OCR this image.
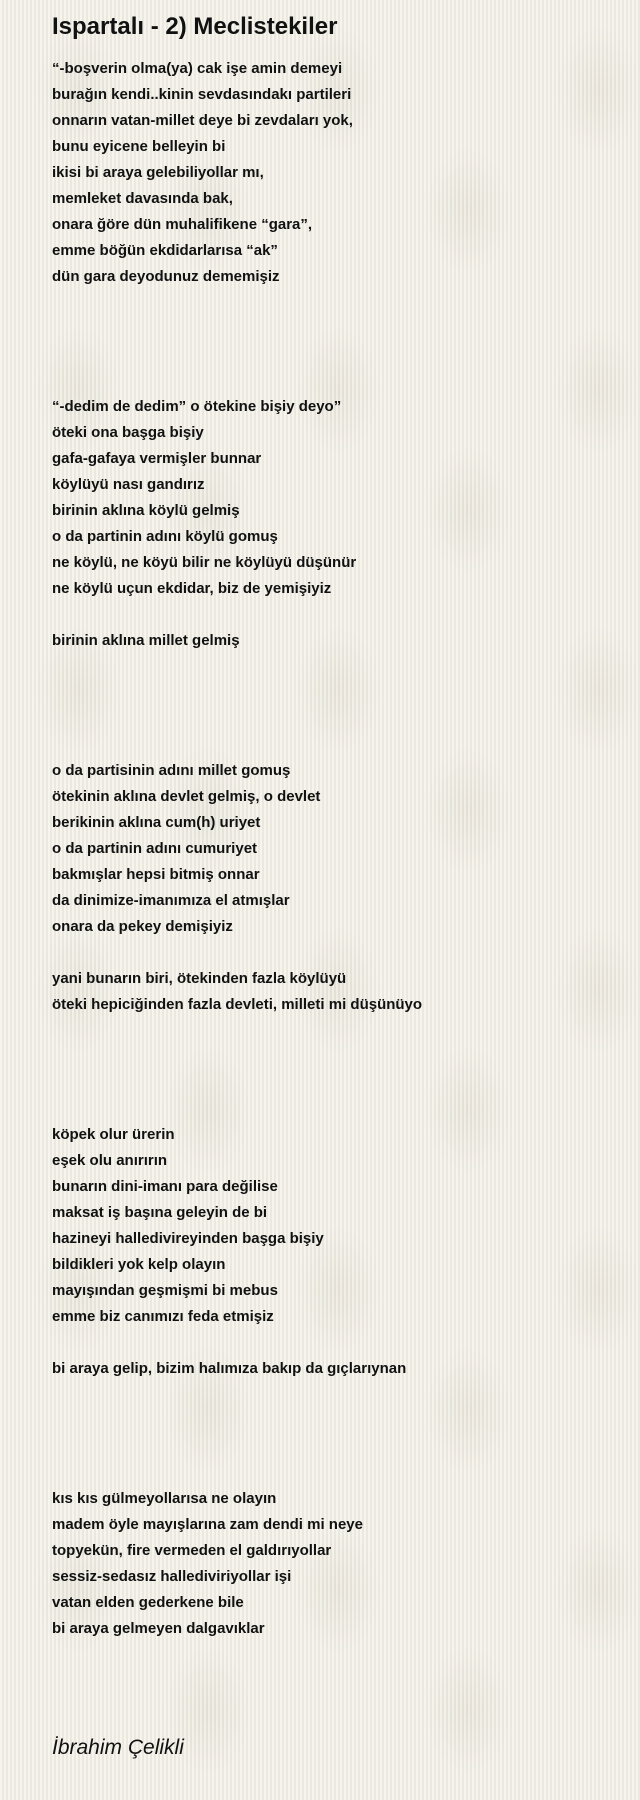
Ispartalı - 2) Meclistekiler
“-boşverin olma(ya) cak işe amin demeyi
burağın kendi..kinin sevdasındakı partileri
onnarın vatan-millet deye bi zevdaları yok,
bunu eyicene belleyin bi
ikisi bi araya gelebiliyollar mı,
memleket davasında bak,
onara ğöre dün muhalifikene “gara”,
emme böğün ekdidarlarısa “ak”
dün gara deyodunuz dememişiz
“-dedim de dedim” o ötekine bişiy deyo”
öteki ona başga bişiy
gafa-gafaya vermişler bunnar
köylüyü nası gandırız
birinin aklına köylü gelmiş
o da partinin adını köylü gomuş
ne köylü, ne köyü bilir ne köylüyü düşünür
ne köylü uçun ekdidar, biz de yemişiyiz
birinin aklına millet gelmiş
o da partisinin adını millet gomuş
ötekinin aklına devlet gelmiş, o devlet
berikinin aklına cum(h) uriyet
o da partinin adını cumuriyet
bakmışlar hepsi bitmiş onnar
da dinimize-imanımıza el atmışlar
onara da pekey demişiyiz
yani bunarın biri, ötekinden fazla köylüyü
öteki hepiciğinden fazla devleti, milleti mi düşünüyo
köpek olur ürerin
eşek olu anırırın
bunarın dini-imanı para değilise
maksat iş başına geleyin de bi
hazineyi halledivireyinden başga bişiy
bildikleri yok kelp olayın
mayışından geşmişmi bi mebus
emme biz canımızı feda etmişiz
bi araya gelip, bizim halımıza bakıp da gıçlarıynan
kıs kıs gülmeyollarısa ne olayın
madem öyle mayışlarına zam dendi mi neye
topyekün, fire vermeden el galdırıyollar
sessiz-sedasız hallediviriyollar işi
vatan elden gederkene bile
bi araya gelmeyen dalgavıklar
İbrahim Çelikli
